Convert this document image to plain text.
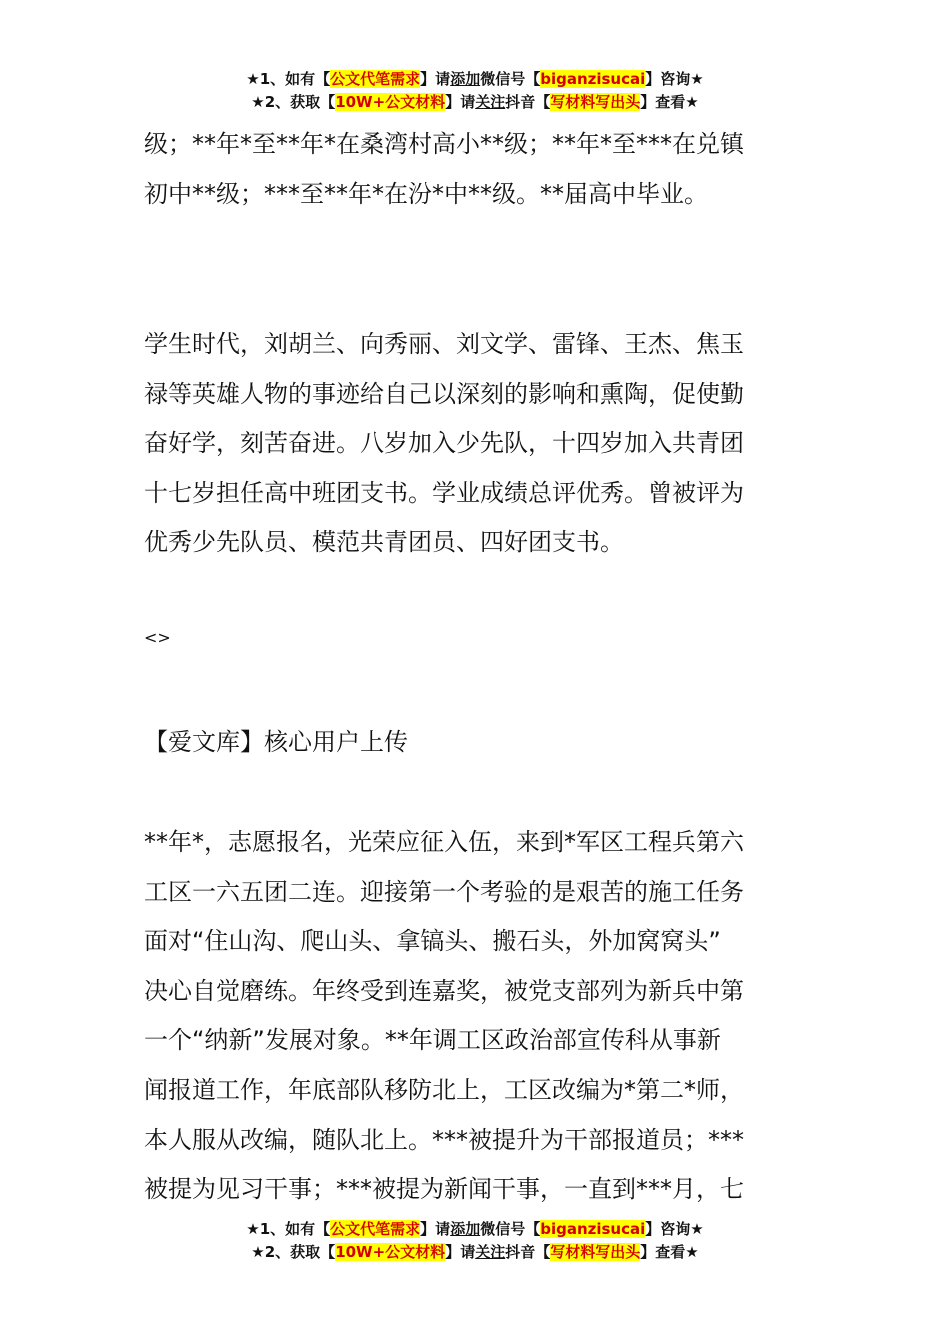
★1、如有【公文代笔需求】请添加微信号【biganzisucai】咨询★
★2、获取【10W+公文材料】请关注抖音【写材料写出头】查看★
级；**年*至**年*在桑湾村高小**级；**年*至***在兑镇
初中**级；***至**年*在汾*中**级。**届高中毕业。
学生时代，刘胡兰、向秀丽、刘文学、雷锋、王杰、焦玉
禄等英雄人物的事迹给自己以深刻的影响和熏陶，促使勤
奋好学，刻苦奋进。八岁加入少先队，十四岁加入共青团
十七岁担任高中班团支书。学业成绩总评优秀。曾被评为
优秀少先队员、模范共青团员、四好团支书。
<>
【爱文库】核心用户上传
**年*，志愿报名，光荣应征入伍，来到*军区工程兵第六
工区一六五团二连。迎接第一个考验的是艰苦的施工任务
面对“住山沟、爬山头、拿镐头、搬石头，外加窝窝头”
决心自觉磨练。年终受到连嘉奖，被党支部列为新兵中第
一个“纳新”发展对象。**年调工区政治部宣传科从事新
闻报道工作，年底部队移防北上，工区改编为*第二*师，
本人服从改编，随队北上。***被提升为干部报道员；***
被提为见习干事；***被提为新闻干事，一直到***月，七
★1、如有【公文代笔需求】请添加微信号【biganzisucai】咨询★
★2、获取【10W+公文材料】请关注抖音【写材料写出头】查看★
